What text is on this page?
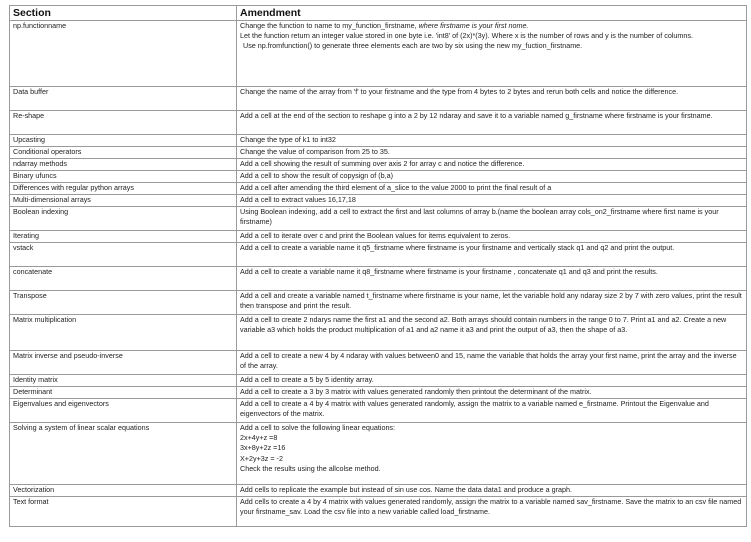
Section	Amendment
np.functionname	Change the function to name to my_function_firstname, where firstname is your first nome.
Let the function return an integer value stored in one byte i.e. 'int8' of (2x)*(3y). Where x is the number of rows and y is the number of columns.
Use np.fromfunction() to generate three elements each are two by six using the new my_fuction_firstname.

Data buffer	Change the name of the array from 'f' to your firstname and the type from 4 bytes to 2 bytes and rerun both cells and notice the difference.
Re-shape	Add a cell at the end of the section to reshape g into a 2 by 12 ndaray and save it to a variable named g_firstname where firstname is your firstname.
Upcasting	Change the type of k1 to int32
Conditional operators	Change the value of comparison from 25 to 35.
ndarray methods	Add a cell showing the result of summing over axis 2 for array c and notice the difference.
Binary ufuncs	Add a cell to show the result of copysign of (b,a)
Differences with regular python arrays	Add a cell after amending the third element of a_slice to the value 2000 to print the final result of a
Multi-dimensional arrays	Add a cell to extract values 16,17,18
Boolean indexing	Using Boolean indexing, add a cell to extract the first and last columns of array b.(name the boolean array cols_on2_firstname where first name is your firstname)
Iterating	Add a cell to iterate over c and print the Boolean values for items equivalent to zeros.
vstack	Add a cell to create a variable name it q5_firstname where firstname is your firstname and vertically stack q1 and q2 and print the output.
concatenate	Add a cell to create a variable name it q8_firstname where firstname is your firstname , concatenate q1 and q3 and print the results.
Transpose	Add a cell and create a variable named t_firstname where firstname is your name, let the variable hold any ndaray size 2 by 7 with zero values, print the result then transpose and print the result.
Matrix multiplication	Add a cell to create 2 ndarys name the first a1 and the second a2. Both arrays should contain numbers in the range 0 to 7. Print a1 and a2. Create a new variable a3 which holds the product multiplication of a1 and a2 name it a3 and print the output of a3, then the shape of a3.
Matrix inverse and pseudo-inverse	Add a cell to create a new 4 by 4 ndaray with values between0 and 15, name the variable that holds the array your first name, print the array and the inverse of the array.
Identity matrix	Add a cell to create a 5 by 5 identity array.
Determinant	Add a cell to create a 3 by 3 matrix with values generated randomly then printout the determinant of the matrix.
Eigenvalues and eigenvectors	Add a cell to create a 4 by 4 matrix with values generated randomly, assign the matrix to a variable named e_firstname. Printout the Eigenvalue and eigenvectors of the matrix.
Solving a system of linear scalar equations	Add a cell to solve the following linear equations:
2x+4y+z =8
3x+8y+2z =16
X+2y+3z = -2
Check the results using the allcolse method.

Vectorization	Add cells to replicate the example but instead of sin use cos. Name the data data1 and produce a graph.
Text format	Add cells to create a 4 by 4 matrix with values generated randomly, assign the matrix to a variable named sav_firstname. Save the matrix to an csv file named your firstname_sav. Load the csv file into a new variable called load_firstname.
